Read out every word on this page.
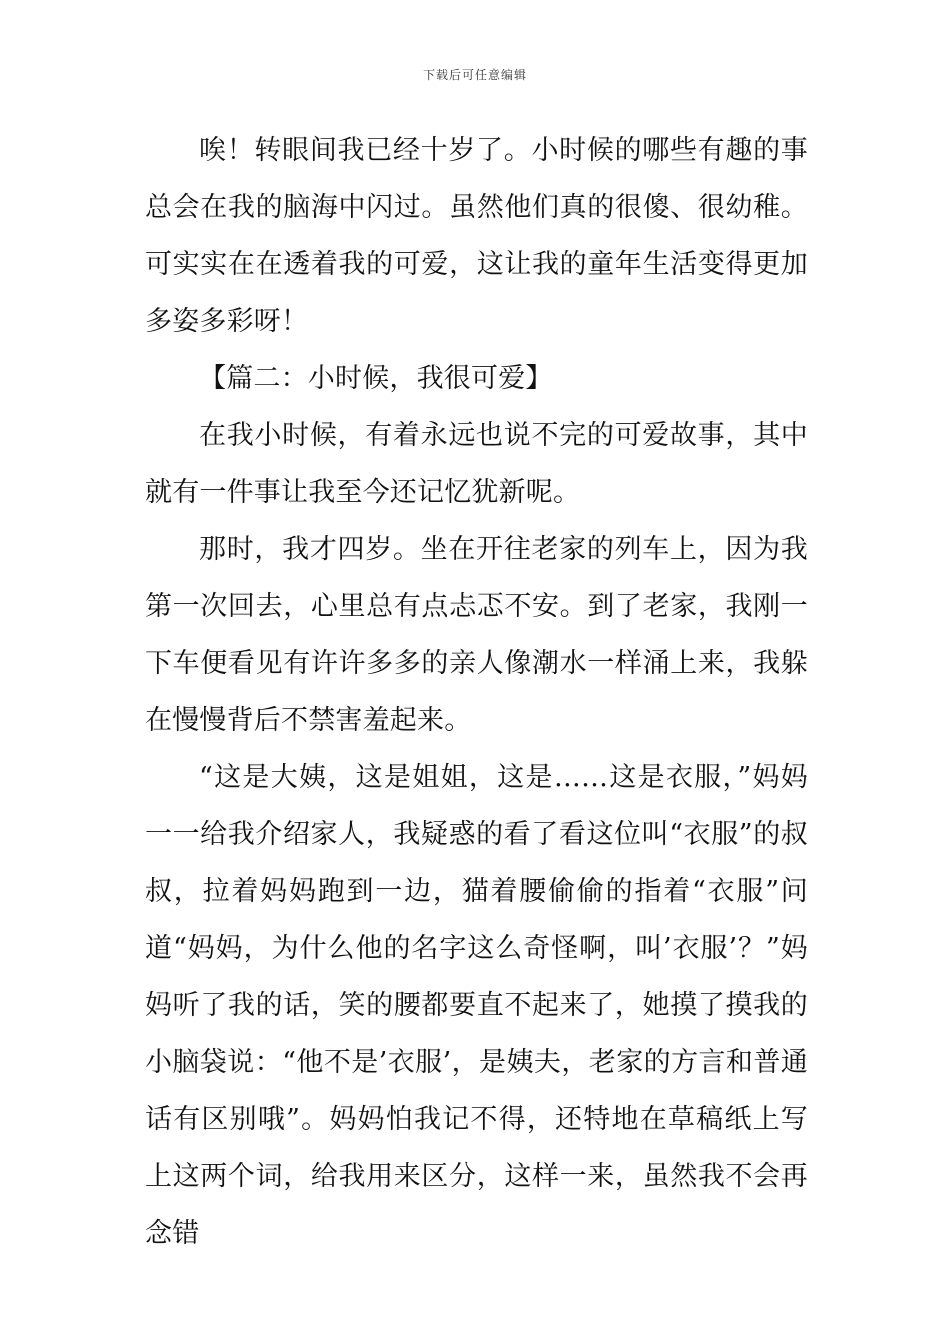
下载后可任意编辑

唉！转眼间我已经十岁了。小时候的哪些有趣的事总会在我的脑海中闪过。虽然他们真的很傻、很幼稚。可实实在在透着我的可爱，这让我的童年生活变得更加多姿多彩呀！

【篇二：小时候，我很可爱】

在我小时候，有着永远也说不完的可爱故事，其中就有一件事让我至今还记忆犹新呢。

那时，我才四岁。坐在开往老家的列车上，因为我第一次回去，心里总有点忐忑不安。到了老家，我刚一下车便看见有许许多多的亲人像潮水一样涌上来，我躲在慢慢背后不禁害羞起来。

“这是大姨，这是姐姐，这是……这是衣服，”妈妈一一给我介绍家人，我疑惑的看了看这位叫“衣服”的叔叔，拉着妈妈跑到一边，猫着腰偷偷的指着“衣服”问道“妈妈，为什么他的名字这么奇怪啊，叫’衣服’？”妈妈听了我的话，笑的腰都要直不起来了，她摸了摸我的小脑袋说：“他不是’衣服’，是姨夫，老家的方言和普通话有区别哦”。妈妈怕我记不得，还特地在草稿纸上写上这两个词，给我用来区分，这样一来，虽然我不会再念错
